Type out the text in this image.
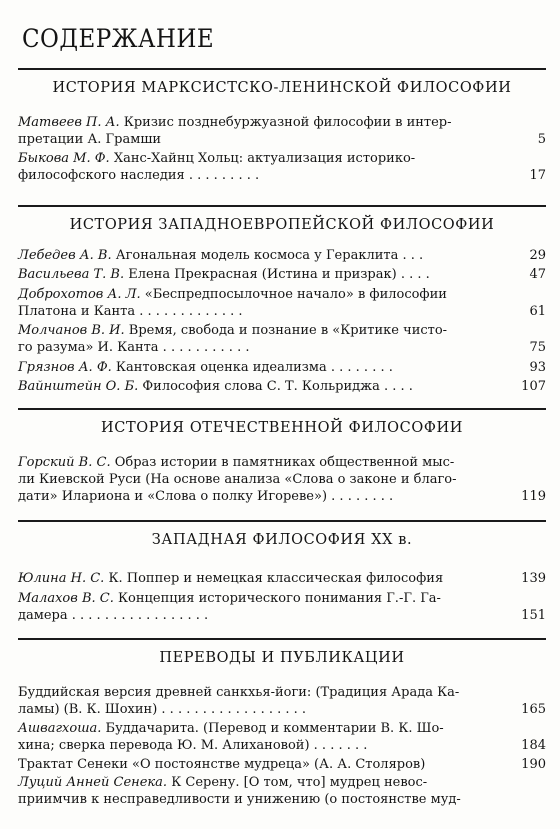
СОДЕРЖАНИЕ
ИСТОРИЯ МАРКСИСТСКО-ЛЕНИНСКОЙ ФИЛОСОФИИ
Матвеев П. А. Кризис позднебуржуазной философии в интер-
претации А. Грамши	5
Быкова М. Ф. Ханс-Хайнц Хольц: актуализация историко-
философского наследия . . . . . . . . .	17
ИСТОРИЯ ЗАПАДНОЕВРОПЕЙСКОЙ ФИЛОСОФИИ
Лебедев А. В. Агональная модель космоса у Гераклита . . .	29
Васильева Т. В. Елена Прекрасная (Истина и призрак) . . . .	47
Доброхотов А. Л. «Беспредпосылочное начало» в философии
Платона и Канта . . . . . . . . . . . . .	61
Молчанов В. И. Время, свобода и познание в «Критике чисто-
го разума» И. Канта . . . . . . . . . . .	75
Грязнов А. Ф. Кантовская оценка идеализма . . . . . . . .	93
Вайнштейн О. Б. Философия слова С. Т. Кольриджа . . . .	107
ИСТОРИЯ ОТЕЧЕСТВЕННОЙ ФИЛОСОФИИ
Горский В. С. Образ истории в памятниках общественной мыс-
ли Киевской Руси (На основе анализа «Слова о законе и благо-
дати» Илариона и «Слова о полку Игореве») . . . . . . . .	119
ЗАПАДНАЯ ФИЛОСОФИЯ XX в.
Юлина Н. С. К. Поппер и немецкая классическая философия	139
Малахов В. С. Концепция исторического понимания Г.-Г. Га-
дамера . . . . . . . . . . . . . . . . .	151
ПЕРЕВОДЫ И ПУБЛИКАЦИИ
Буддийская версия древней санкхья-йоги: (Традиция Арада Ка-
ламы) (В. К. Шохин) . . . . . . . . . . . . . . . . . .	165
Ашвагхоша. Буддачарита. (Перевод и комментарии В. К. Шо-
хина; сверка перевода Ю. М. Алихановой) . . . . . . .	184
Трактат Сенеки «О постоянстве мудреца» (А. А. Столяров)	190
Луций Анней Сенека. К Серену. [О том, что] мудрец невос-
приимчив к несправедливости и унижению (о постоянстве муд-
